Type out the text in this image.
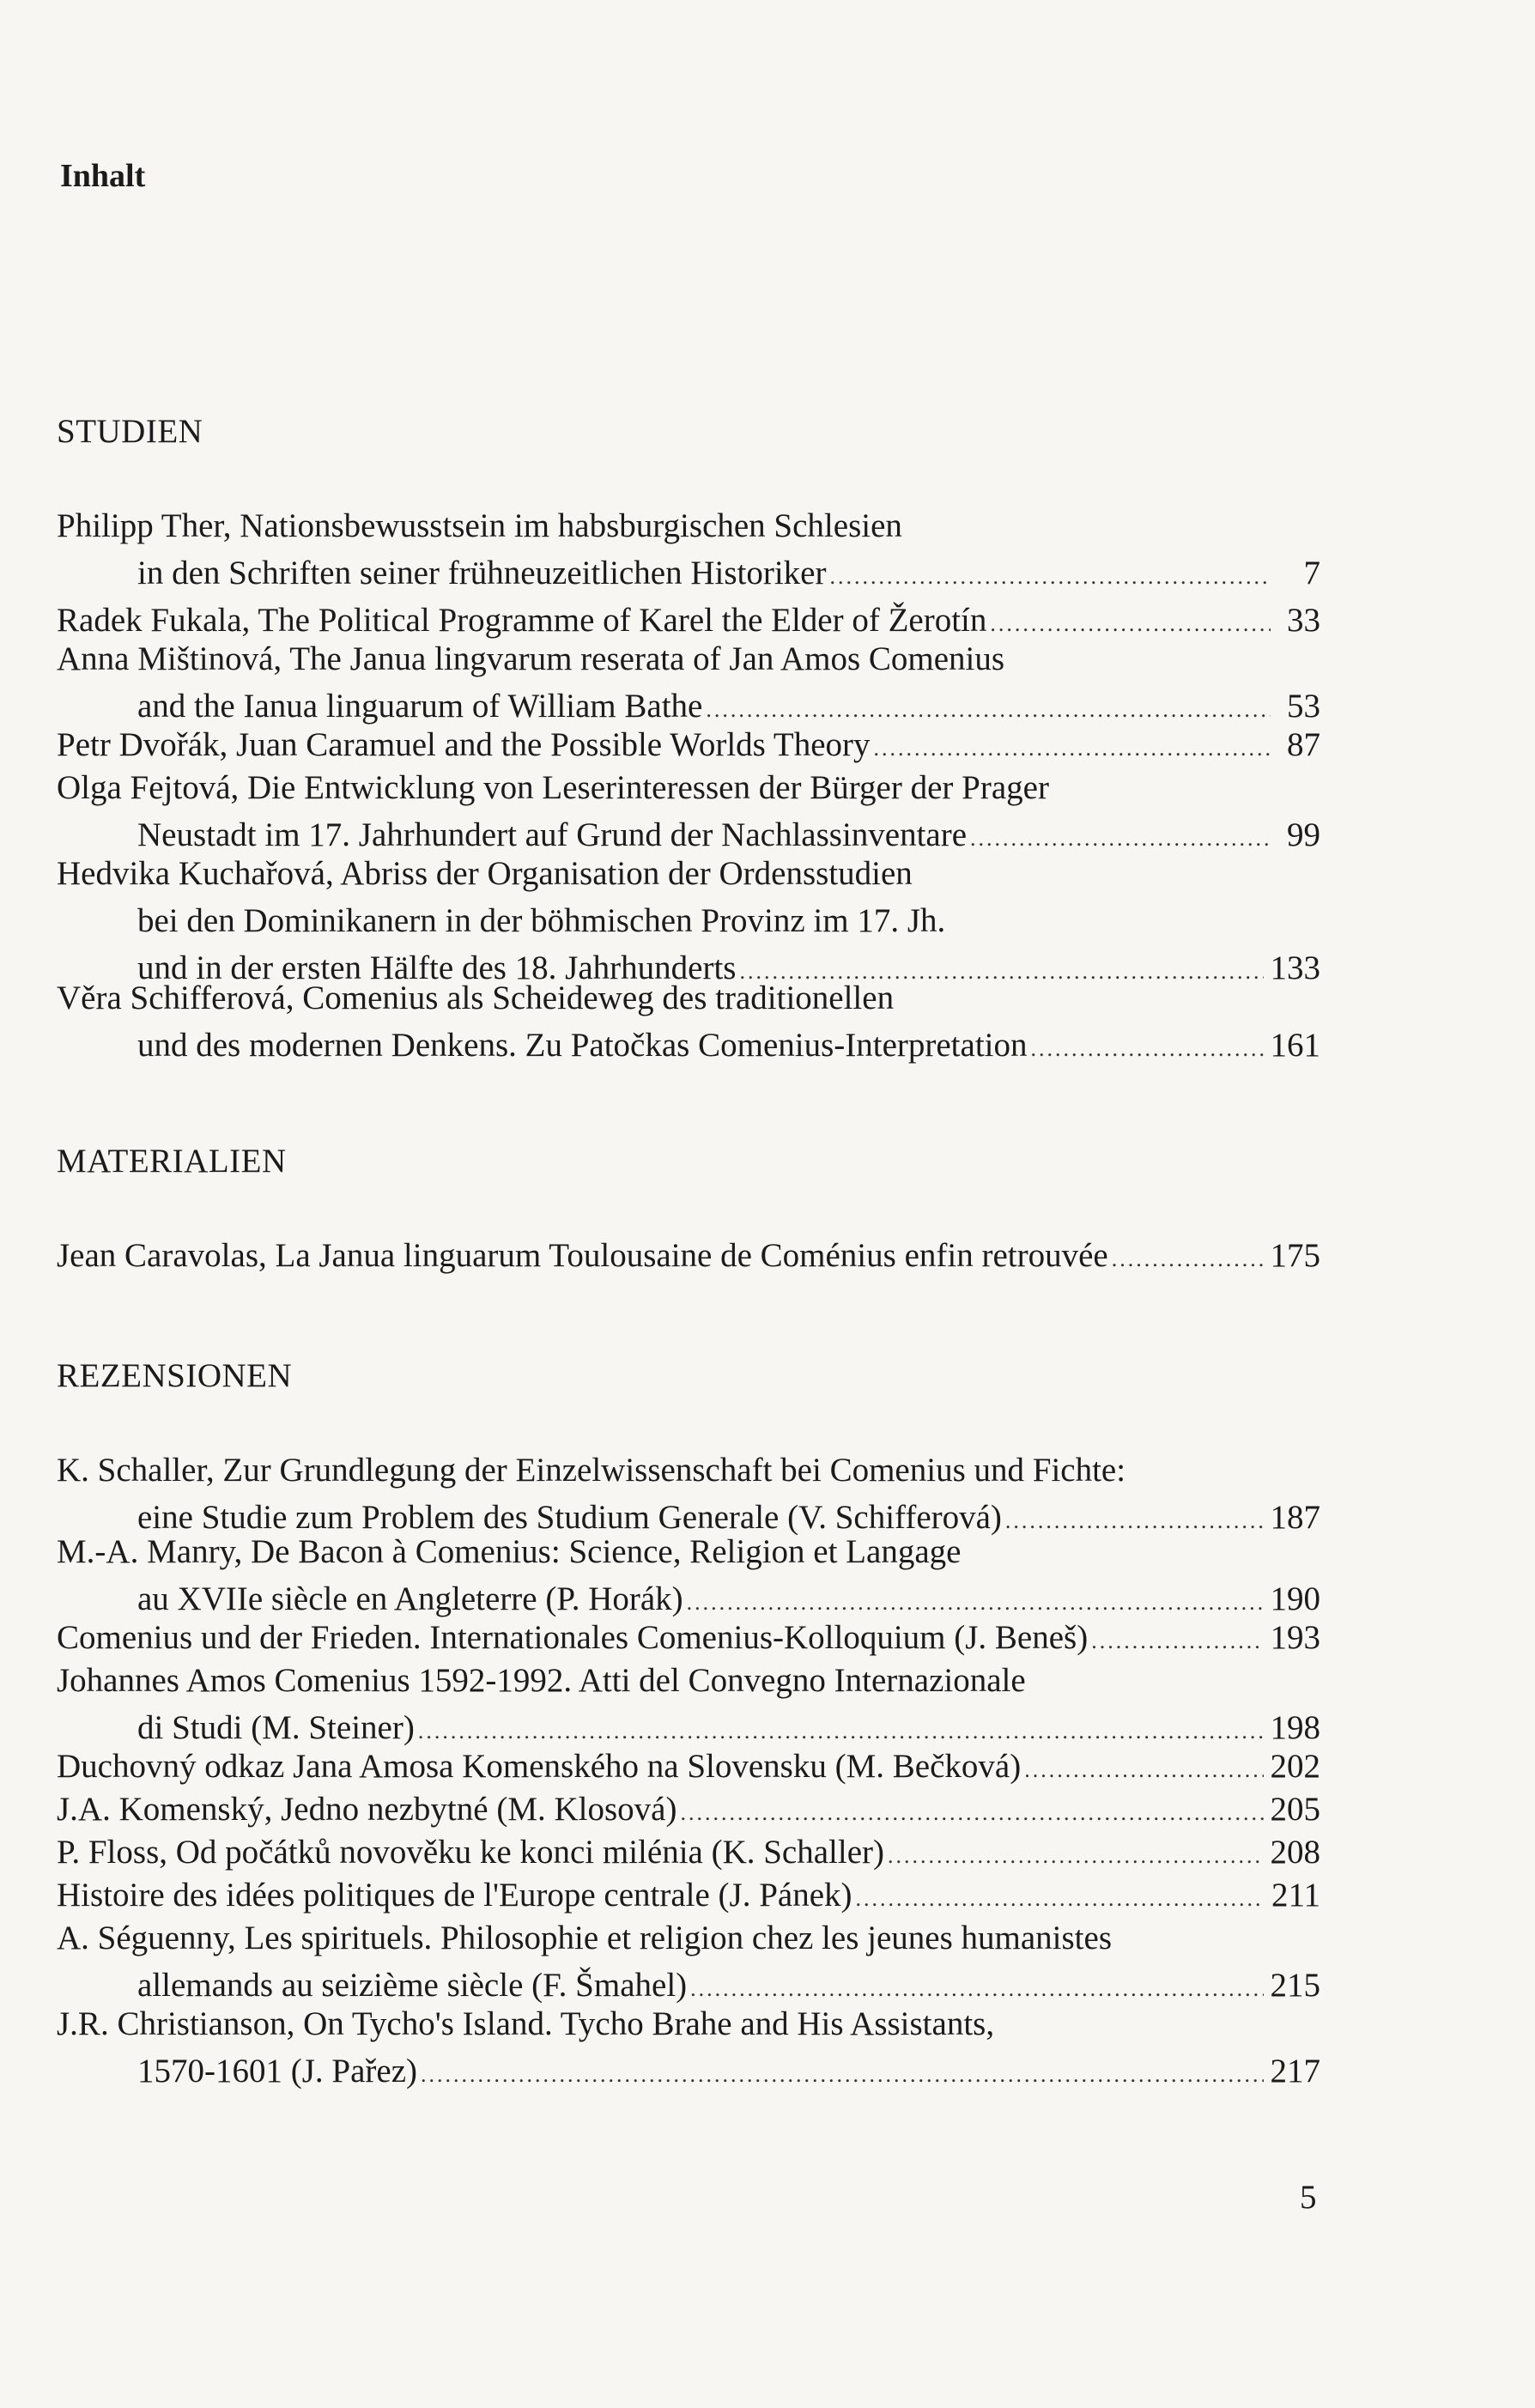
Inhalt
STUDIEN
Philipp Ther, Nationsbewusstsein im habsburgischen Schlesien
in den Schriften seiner frühneuzeitlichen Historiker .....	7
Radek Fukala, The Political Programme of Karel the Elder of Žerotín .....	33
Anna Mištinová, The Janua lingvarum reserata of Jan Amos Comenius
and the Ianua linguarum of William Bathe .....	53
Petr Dvořák, Juan Caramuel and the Possible Worlds Theory .....	87
Olga Fejtová, Die Entwicklung von Leserinteressen der Bürger der Prager
Neustadt im 17. Jahrhundert auf Grund der Nachlassinventare .....	99
Hedvika Kuchařová, Abriss der Organisation der Ordensstudien
bei den Dominikanern in der böhmischen Provinz im 17. Jh.
und in der ersten Hälfte des 18. Jahrhunderts .....	133
Věra Schifferová, Comenius als Scheideweg des traditionellen
und des modernen Denkens. Zu Patočkas Comenius-Interpretation .....	161
MATERIALIEN
Jean Caravolas, La Janua linguarum Toulousaine de Coménius enfin retrouvée .....	175
REZENSIONEN
K. Schaller, Zur Grundlegung der Einzelwissenschaft bei Comenius und Fichte:
eine Studie zum Problem des Studium Generale (V. Schifferová) .....	187
M.-A. Manry, De Bacon à Comenius: Science, Religion et Langage
au XVIIe siècle en Angleterre (P. Horák) .....	190
Comenius und der Frieden. Internationales Comenius-Kolloquium (J. Beneš) .....	193
Johannes Amos Comenius 1592-1992. Atti del Convegno Internazionale
di Studi (M. Steiner) .....	198
Duchovný odkaz Jana Amosa Komenského na Slovensku (M. Bečková) .....	202
J.A. Komenský, Jedno nezbytné (M. Klosová) .....	205
P. Floss, Od počátků novověku ke konci milénia (K. Schaller) .....	208
Histoire des idées politiques de l'Europe centrale (J. Pánek) .....	211
A. Séguenny, Les spirituels. Philosophie et religion chez les jeunes humanistes
allemands au seizième siècle (F. Šmahel) .....	215
J.R. Christianson, On Tycho's Island. Tycho Brahe and His Assistants,
1570-1601 (J. Pařez) .....	217
5
